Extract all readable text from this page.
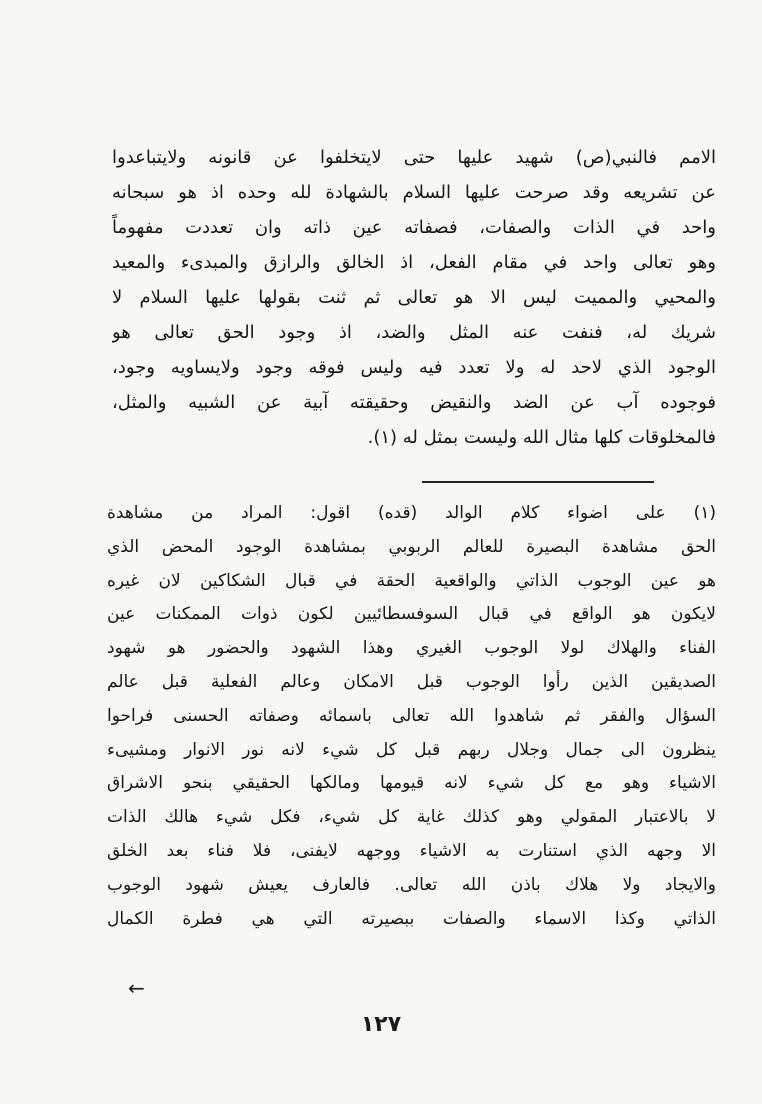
الامم فالنبي(ص) شهيد عليها حتى لايتخلفوا عن قانونه ولايتباعدوا
عن تشريعه وقد صرحت عليها السلام بالشهادة لله وحده اذ هو سبحانه
واحد في الذات والصفات، فصفاته عين ذاته وان تعددت مفهوماً
وهو تعالى واحد في مقام الفعل، اذ الخالق والرازق والمبدىء والمعيد
والمحيي والمميت ليس الا هو تعالى ثم ثنت بقولها عليها السلام لا
شريك له، فنفت عنه المثل والضد، اذ وجود الحق تعالى هو
الوجود الذي لاحد له ولا تعدد فيه وليس فوقه وجود ولايساويه وجود،
فوجوده آب عن الضد والنقيض وحقيقته آبية عن الشبيه والمثل،
فالمخلوقات كلها مثال الله وليست بمثل له (١).
(١) على اضواء كلام الوالد (قده) اقول: المراد من مشاهدة
الحق مشاهدة البصيرة للعالم الربوبي بمشاهدة الوجود المحض الذي
هو عين الوجوب الذاتي والواقعية الحقة في قبال الشكاكين لان غيره
لايكون هو الواقع في قبال السوفسطائيين لكون ذوات الممكنات عين
الفناء والهلاك لولا الوجوب الغيري وهذا الشهود والحضور هو شهود
الصديقين الذين رأوا الوجوب قبل الامكان وعالم الفعلية قبل عالم
السؤال والفقر ثم شاهدوا الله تعالى باسمائه وصفاته الحسنى فراحوا
ينظرون الى جمال وجلال ربهم قبل كل شيء لانه نور الانوار ومشيىء
الاشياء وهو مع كل شيء لانه قيومها ومالكها الحقيقي بنحو الاشراق
لا بالاعتبار المقولي وهو كذلك غاية كل شيء، فكل شيء هالك الذات
الا وجهه الذي استنارت به الاشياء ووجهه لايفنى، فلا فناء بعد الخلق
والايجاد ولا هلاك باذن الله تعالى. فالعارف يعيش شهود الوجوب
الذاتي وكذا الاسماء والصفات ببصيرته التي هي فطرة الكمال
←
١٢٧
